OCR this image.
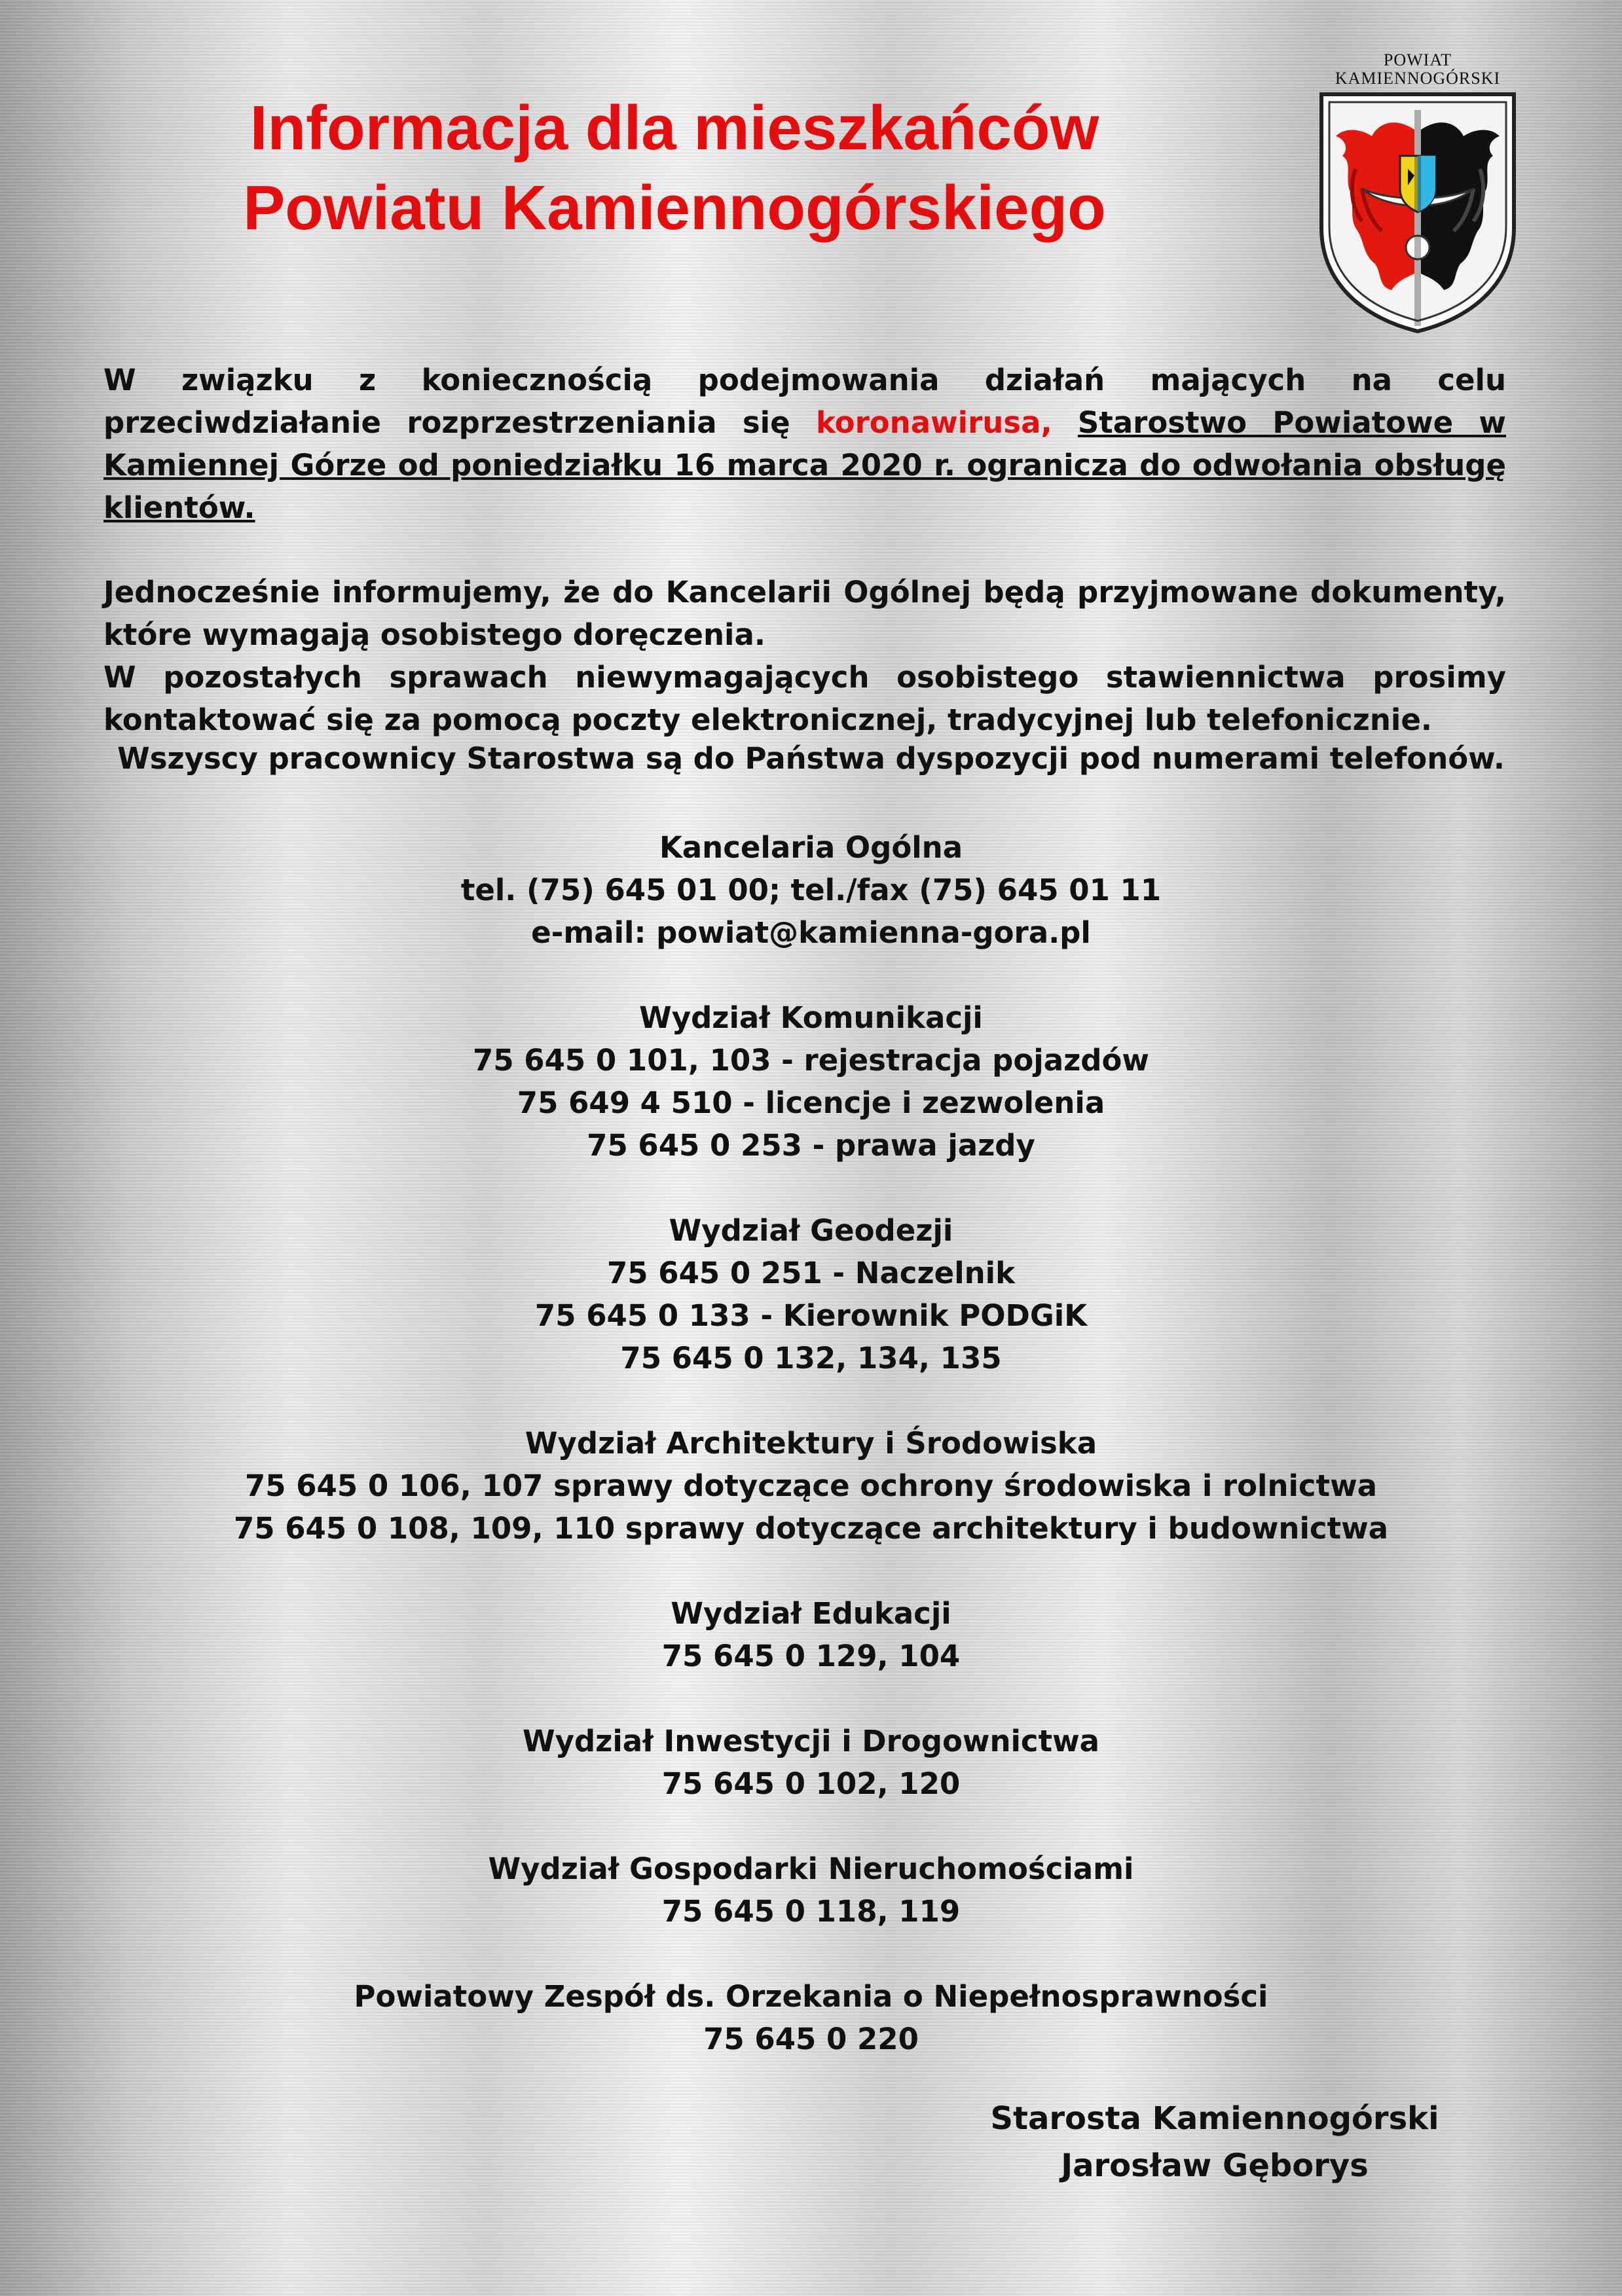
Informacja dla mieszkańców
Powiatu Kamiennogórskiego
POWIAT
KAMIENNOGÓRSKI

W związku z koniecznością podejmowania działań mających na celu przeciwdziałanie rozprzestrzeniania się koronawirusa, Starostwo Powiatowe w Kamiennej Górze od poniedziałku 16 marca 2020 r. ogranicza do odwołania obsługę klientów.

Jednocześnie informujemy, że do Kancelarii Ogólnej będą przyjmowane dokumenty, które wymagają osobistego doręczenia.

W pozostałych sprawach niewymagających osobistego stawiennictwa prosimy kontaktować się za pomocą poczty elektronicznej, tradycyjnej lub telefonicznie.

Wszyscy pracownicy Starostwa są do Państwa dyspozycji pod numerami telefonów.
Kancelaria Ogólna
tel. (75) 645 01 00; tel./fax (75) 645 01 11
e-mail: powiat@kamienna-gora.pl
Wydział Komunikacji
75 645 0 101, 103 - rejestracja pojazdów
75 649 4 510 - licencje i zezwolenia
75 645 0 253 - prawa jazdy
Wydział Geodezji
75 645 0 251 - Naczelnik
75 645 0 133 - Kierownik PODGiK
75 645 0 132, 134, 135
Wydział Architektury i Środowiska
75 645 0 106, 107 sprawy dotyczące ochrony środowiska i rolnictwa
75 645 0 108, 109, 110 sprawy dotyczące architektury i budownictwa
Wydział Edukacji
75 645 0 129, 104
Wydział Inwestycji i Drogownictwa
75 645 0 102, 120
Wydział Gospodarki Nieruchomościami
75 645 0 118, 119
Powiatowy Zespół ds. Orzekania o Niepełnosprawności
75 645 0 220
Starosta Kamiennogórski
Jarosław Gęborys
